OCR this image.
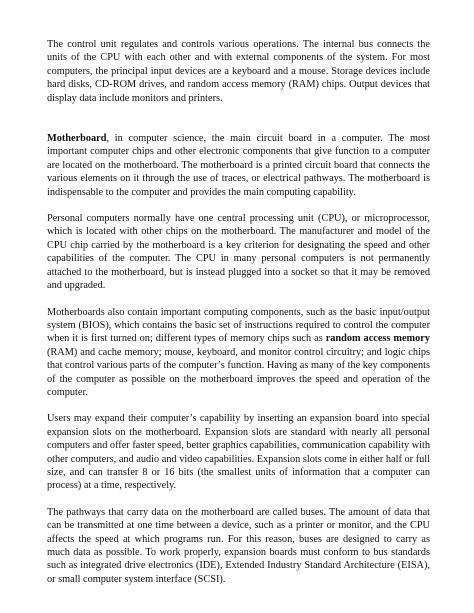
The control unit regulates and controls various operations. The internal bus connects the units of the CPU with each other and with external components of the system. For most computers, the principal input devices are a keyboard and a mouse. Storage devices include hard disks, CD-ROM drives, and random access memory (RAM) chips. Output devices that display data include monitors and printers.

Motherboard, in computer science, the main circuit board in a computer. The most important computer chips and other electronic components that give function to a computer are located on the motherboard. The motherboard is a printed circuit board that connects the various elements on it through the use of traces, or electrical pathways. The motherboard is indispensable to the computer and provides the main computing capability.

Personal computers normally have one central processing unit (CPU), or microprocessor, which is located with other chips on the motherboard. The manufacturer and model of the CPU chip carried by the motherboard is a key criterion for designating the speed and other capabilities of the computer. The CPU in many personal computers is not permanently attached to the motherboard, but is instead plugged into a socket so that it may be removed and upgraded.

Motherboards also contain important computing components, such as the basic input/output system (BIOS), which contains the basic set of instructions required to control the computer when it is first turned on; different types of memory chips such as random access memory (RAM) and cache memory; mouse, keyboard, and monitor control circuitry; and logic chips that control various parts of the computer’s function. Having as many of the key components of the computer as possible on the motherboard improves the speed and operation of the computer.

Users may expand their computer’s capability by inserting an expansion board into special expansion slots on the motherboard. Expansion slots are standard with nearly all personal computers and offer faster speed, better graphics capabilities, communication capability with other computers, and audio and video capabilities. Expansion slots come in either half or full size, and can transfer 8 or 16 bits (the smallest units of information that a computer can process) at a time, respectively.

The pathways that carry data on the motherboard are called buses. The amount of data that can be transmitted at one time between a device, such as a printer or monitor, and the CPU affects the speed at which programs run. For this reason, buses are designed to carry as much data as possible. To work properly, expansion boards must conform to bus standards such as integrated drive electronics (IDE), Extended Industry Standard Architecture (EISA), or small computer system interface (SCSI).
